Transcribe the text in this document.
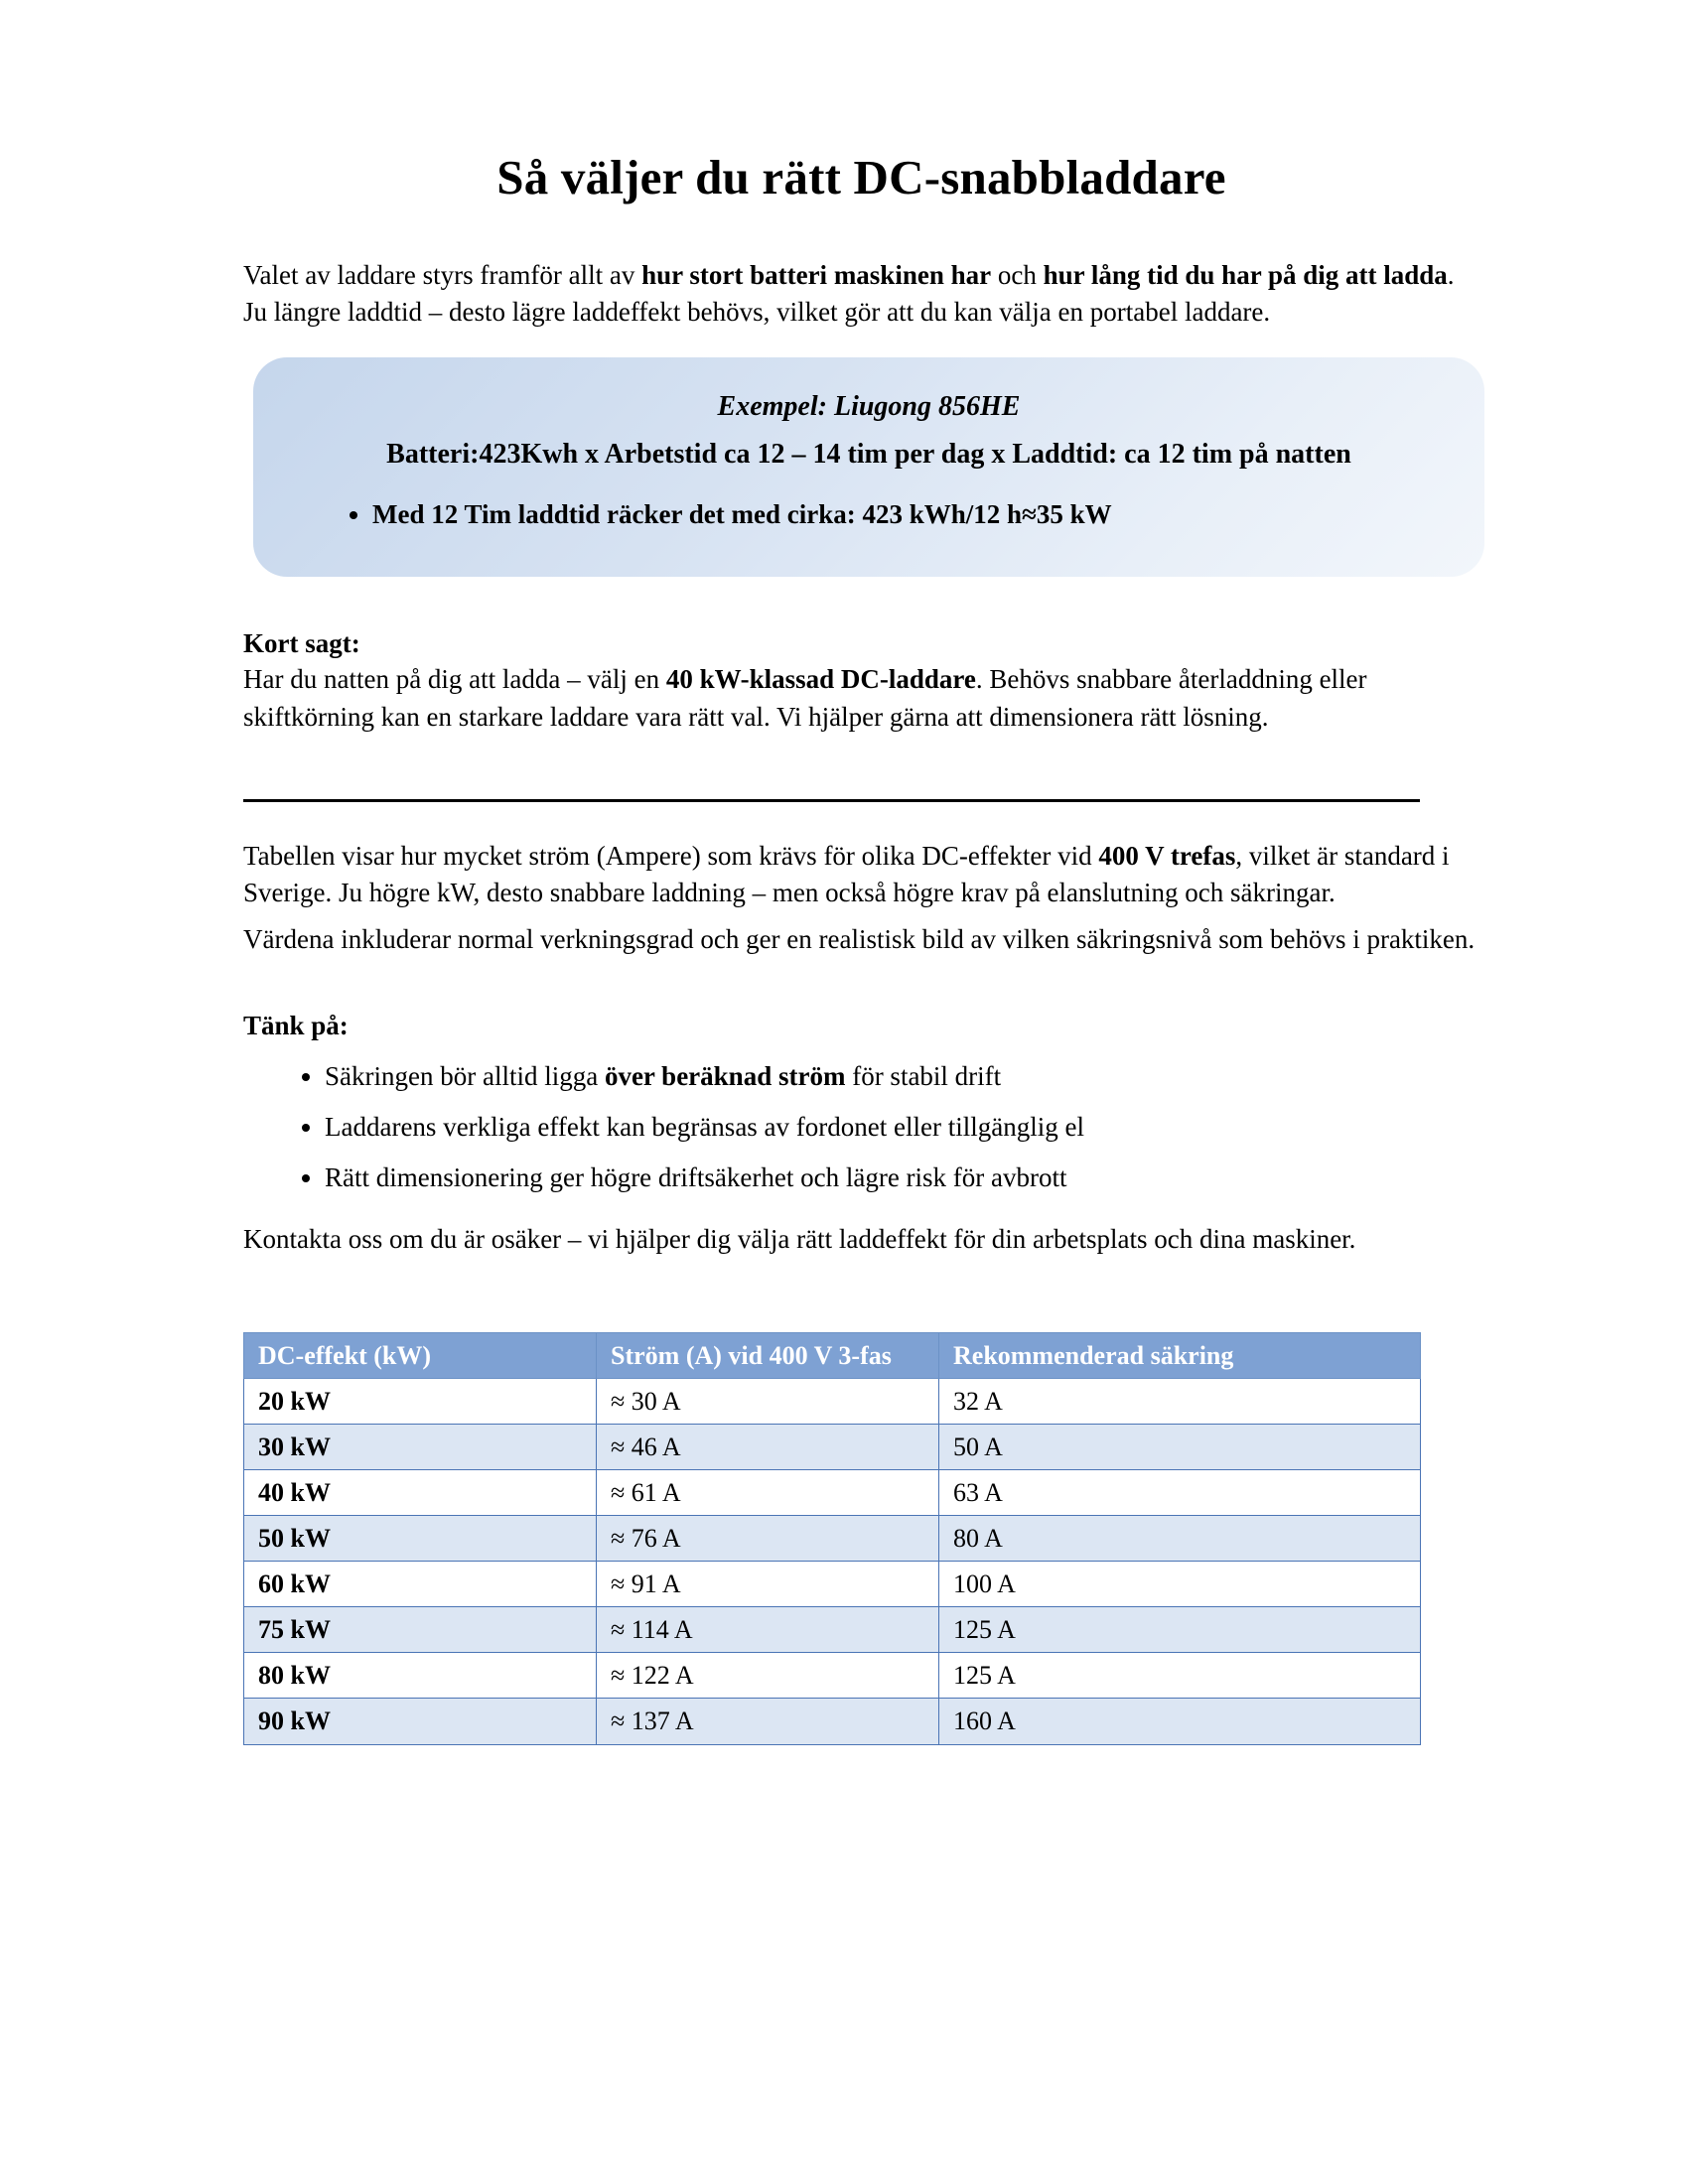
Så väljer du rätt DC-snabbladdare

Valet av laddare styrs framför allt av hur stort batteri maskinen har och hur lång tid du har på dig att ladda. Ju längre laddtid – desto lägre laddeffekt behövs, vilket gör att du kan välja en portabel laddare.

Exempel: Liugong 856HE
Batteri:423Kwh x Arbetstid ca 12 – 14 tim per dag x Laddtid: ca 12 tim på natten
• Med 12 Tim laddtid räcker det med cirka: 423 kWh/12 h≈35 kW
Kort sagt:

Har du natten på dig att ladda – välj en 40 kW-klassad DC-laddare. Behövs snabbare återladdning eller skiftkörning kan en starkare laddare vara rätt val. Vi hjälper gärna att dimensionera rätt lösning.

Tabellen visar hur mycket ström (Ampere) som krävs för olika DC-effekter vid 400 V trefas, vilket är standard i Sverige. Ju högre kW, desto snabbare laddning – men också högre krav på elanslutning och säkringar.

Värdena inkluderar normal verkningsgrad och ger en realistisk bild av vilken säkringsnivå som behövs i praktiken.

Tänk på:
• Säkringen bör alltid ligga över beräknad ström för stabil drift
• Laddarens verkliga effekt kan begränsas av fordonet eller tillgänglig el
• Rätt dimensionering ger högre driftsäkerhet och lägre risk för avbrott

Kontakta oss om du är osäker – vi hjälper dig välja rätt laddeffekt för din arbetsplats och dina maskiner.

DC-effekt (kW)	Ström (A) vid 400 V 3-fas	Rekommenderad säkring
20 kW	≈ 30 A	32 A
30 kW	≈ 46 A	50 A
40 kW	≈ 61 A	63 A
50 kW	≈ 76 A	80 A
60 kW	≈ 91 A	100 A
75 kW	≈ 114 A	125 A
80 kW	≈ 122 A	125 A
90 kW	≈ 137 A	160 A
